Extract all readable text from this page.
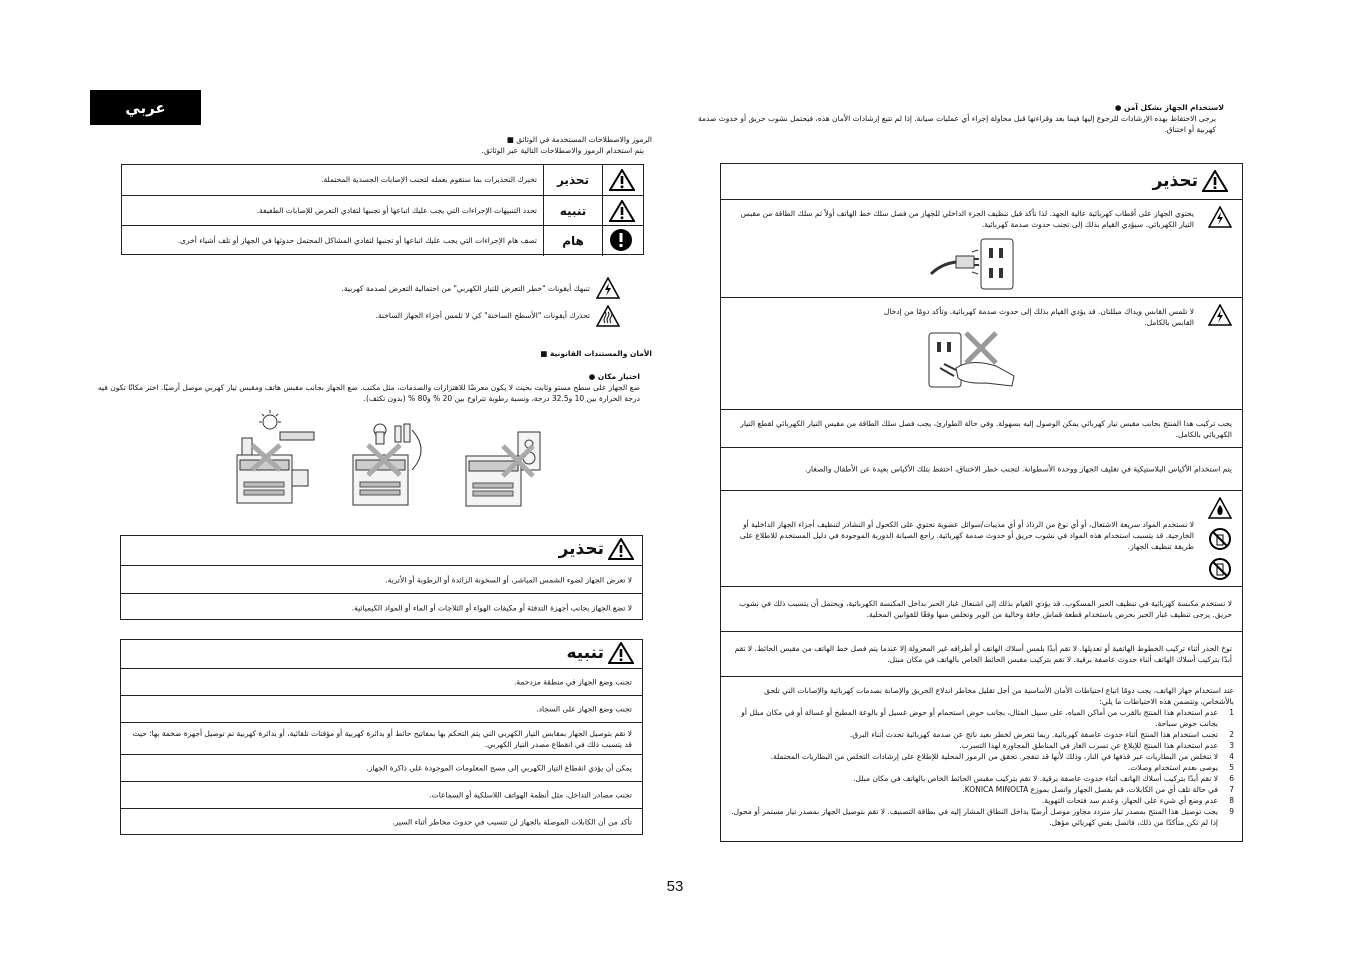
عربي
الرموز والاصطلاحات المستخدمة في الوثائق ■
يتم استخدام الرموز والاصطلاحات التالية عبر الوثائق.
تحذير
تخبرك التحذيرات بما ستقوم بعمله لتجنب الإصابات الجسدية المحتملة.
تنبيه
تحدد التنبيهات الإجراءات التي يجب عليك اتباعها أو تجنبها لتفادي التعرض للإصابات الطفيفة.
هام
تصف هام الإجراءات التي يجب عليك اتباعها أو تجنبها لتفادي المشاكل المحتمل حدوثها في الجهاز أو تلف أشياء أخرى.
تنبهك أيقونات "خطر التعرض للتيار الكهربي" من احتمالية التعرض لصدمة كهربية.
تحذرك أيقونات "الأسطح الساخنة" كي لا تلمس أجزاء الجهاز الساخنة.
الأمان والمستندات القانونية ■
اختيار مكان ●
ضع الجهاز على سطح مستو وثابت بحيث لا يكون معرضًا للاهتزازات والصدمات، مثل مكتب. ضع الجهاز بجانب مقبس هاتف ومقبس تيار كهربي موصل أرضيًا. اختر مكانًا تكون فيه درجة الحرارة بين 10 و32.5 درجة، ونسبة رطوبة تتراوح بين 20 % و80 % (بدون تكثف).
تحذير
لا تعرض الجهاز لضوء الشمس المباشر، أو السخونة الزائدة أو الرطوبة أو الأتربة.
لا تضع الجهاز بجانب أجهزة التدفئة أو مكيفات الهواء أو الثلاجات أو الماء أو المواد الكيميائية.
تنبيه
تجنب وضع الجهاز في منطقة مزدحمة.
تجنب وضع الجهاز على السجاد.
لا تقم بتوصيل الجهاز بمقابس التيار الكهربي التي يتم التحكم بها بمفاتيح حائط أو بدائرة كهربية أو مؤقتات تلقائية، أو بدائرة كهربية تم توصيل أجهزة ضخمة بها؛ حيث قد يتسبب ذلك في انقطاع مصدر التيار الكهربي.
يمكن أن يؤدي انقطاع التيار الكهربي إلى مسح المعلومات الموجودة على ذاكرة الجهاز.
تجنب مصادر التداخل، مثل أنظمة الهواتف اللاسلكية أو السماعات.
تأكد من أن الكابلات الموصلة بالجهاز لن تتسبب في حدوث مخاطر أثناء السير.
لاستخدام الجهاز بشكل آمن ●
يرجى الاحتفاظ بهذه الإرشادات للرجوع إليها فيما بعد وقراءتها قبل محاولة إجراء أي عمليات صيانة. إذا لم تتبع إرشادات الأمان هذه، فيحتمل نشوب حريق أو حدوث صدمة كهربية أو اختناق.
تحذير
يحتوي الجهاز على أقطاب كهربائية عالية الجهد. لذا تأكد قبل تنظيف الجزء الداخلي للجهاز من فصل سلك خط الهاتف أولاً ثم سلك الطاقة من مقبس التيار الكهربائي. سيؤدي القيام بذلك إلى تجنب حدوث صدمة كهربائية.
لا تلمس القابس ويداك مبللتان. قد يؤدي القيام بذلك إلى حدوث صدمة كهربائية. وتأكد دومًا من إدخال القابس بالكامل.
يجب تركيب هذا المنتج بجانب مقبس تيار كهربائي يمكن الوصول إليه بسهولة. وفي حالة الطوارئ، يجب فصل سلك الطاقة من مقبس التيار الكهربائي لقطع التيار الكهربائي بالكامل.
يتم استخدام الأكياس البلاستيكية في تغليف الجهاز ووحدة الأسطوانة. لتجنب خطر الاختناق، احتفظ بتلك الأكياس بعيدة عن الأطفال والصغار.
لا تستخدم المواد سريعة الاشتعال، أو أي نوع من الرذاذ أو أي مذيبات/سوائل عضوية تحتوي على الكحول أو النشادر لتنظيف أجزاء الجهاز الداخلية أو الخارجية. قد يتسبب استخدام هذه المواد في نشوب حريق أو حدوث صدمة كهربائية. راجع الصيانة الدورية الموجودة في دليل المستخدم للاطلاع على طريقة تنظيف الجهاز.
لا تستخدم مكنسة كهربائية في تنظيف الحبر المسكوب. قد يؤدي القيام بذلك إلى اشتعال غبار الحبر بداخل المكنسة الكهربائية، ويحتمل أن يتسبب ذلك في نشوب حريق. يرجى تنظيف غبار الحبر بحرص باستخدام قطعة قماش جافة وخالية من الوبر وتخلص منها وفقًا للقوانين المحلية.
توخ الحذر أثناء تركيب الخطوط الهاتفية أو تعديلها. لا تقم أبدًا بلمس أسلاك الهاتف أو أطرافه غير المعزولة إلا عندما يتم فصل خط الهاتف من مقبس الحائط. لا تقم أبدًا بتركيب أسلاك الهاتف أثناء حدوث عاصفة برقية. لا تقم بتركيب مقبس الحائط الخاص بالهاتف في مكان مبتل.
عند استخدام جهاز الهاتف، يجب دومًا اتباع احتياطات الأمان الأساسية من أجل تقليل مخاطر اندلاع الحريق والإصابة بصدمات كهربائية والإصابات التي تلحق بالأشخاص، وتتضمن هذه الاحتياطات ما يلي:
1
عدم استخدام هذا المنتج بالقرب من أماكن المياه، على سبيل المثال، بجانب حوض استحمام أو حوض غسيل أو بالوعة المطبخ أو غسالة أو في مكان مبلل أو بجانب حوض سباحة.
2
تجنب استخدام هذا المنتج أثناء حدوث عاصفة كهربائية. ربما تتعرض لخطر بعيد ناتج عن صدمة كهربائية تحدث أثناء البرق.
3
عدم استخدام هذا المنتج للإبلاغ عن تسرب الغاز في المناطق المجاورة لهذا التسرب.
4
لا تتخلص من البطاريات عبر قذفها في النار، وذلك لأنها قد تنفجر. تحقق من الرموز المحلية للإطلاع على إرشادات التخلص من البطاريات المحتملة.
5
يوصى بعدم استخدام وصلات.
6
لا تقم أبدًا بتركيب أسلاك الهاتف أثناء حدوث عاصفة برقية. لا تقم بتركيب مقبس الحائط الخاص بالهاتف في مكان مبلل.
7
في حالة تلف أي من الكابلات، قم بفصل الجهاز واتصل بموزع KONICA MINOLTA.
8
عدم وضع أي شيء على الجهاز، وعدم سد فتحات التهوية.
9
يجب توصيل هذا المنتج بمصدر تيار متردد مجاور موصل أرضيًا بداخل النطاق المشار إليه في بطاقة التصنيف. لا تقم بتوصيل الجهاز بمصدر تيار مستمر أو محول. إذا لم تكن متأكدًا من ذلك، فاتصل بفني كهربائي مؤهل.
53
